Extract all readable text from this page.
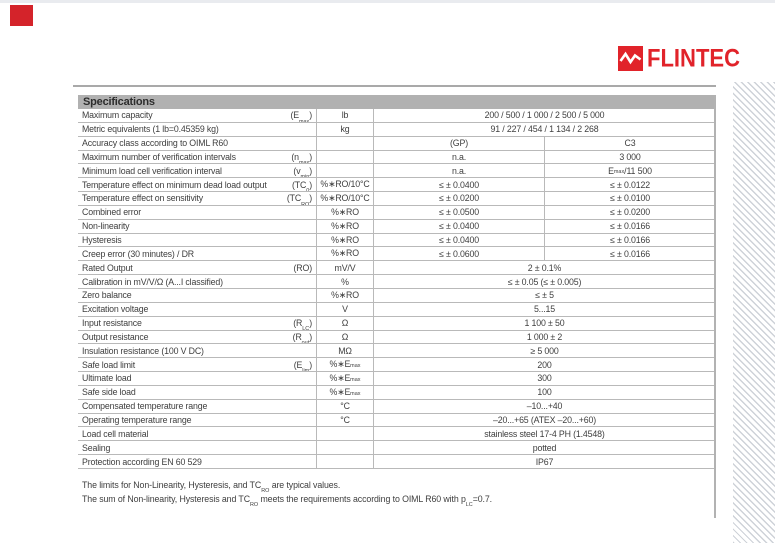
FLINTEC
Specifications
Maximum capacity	$(E_{max})$	lb	200 / 500 / 1 000 / 2 500 / 5 000
Metric equivalents (1 lb=0.45359 kg)	kg	91 / 227 / 454 / 1 134 / 2 268
Accuracy class according to OIML R60	(GP)	C3
Maximum number of verification intervals	$(n_{max})$	n.a.	3 000
Minimum load cell verification interval	$(v_{min})$	n.a.	$E_{max}$ /11 500
Temperature effect on minimum dead load output	$(TC_0)$ %∗RO/10°C	≤ ± 0.0400	≤ ± 0.0122
Temperature effect on sensitivity	$(TC_{RO})$ %∗RO/10°C	≤ ± 0.0200	≤ ± 0.0100
Combined error	%∗RO	≤ ± 0.0500	≤ ± 0.0200
Non-linearity	%∗RO	≤ ± 0.0400	≤ ± 0.0166
Hysteresis	%∗RO	≤ ± 0.0400	≤ ± 0.0166
Creep error (30 minutes) / DR	%∗RO	≤ ± 0.0600	≤ ± 0.0166
Rated Output	(RO)	mV/V	2 ± 0.1%
Calibration in mV/V/Ω (A...I classified)	%	≤ ± 0.05 (≤ ± 0.005)
Zero balance	%∗RO	≤ ± 5
Excitation voltage	V	5...15
Input resistance	$(R_{LC})$	Ω	1 100 ± 50
Output resistance	$(R_{out})$	Ω	1 000 ± 2
Insulation resistance (100 V DC)	MΩ	≥ 5 000
Safe load limit	$(E_{lim})$	$\%∗E_{max}$	200
Ultimate load	$\%∗E_{max}$	300
Safe side load	$\%∗E_{max}$	100
Compensated temperature range	°C	–10...+40
Operating temperature range	°C	–20...+65 (ATEX –20...+60)
Load cell material	stainless steel 17-4 PH (1.4548)
Sealing	potted
Protection according EN 60 529	IP67
The limits for Non-Linearity, Hysteresis, and $TC_{RO}$ are typical values.
The sum of Non-linearity, Hysteresis and $TC_{RO}$ meets the requirements according to OIML R60 with $p_{LC}=0.7$.
